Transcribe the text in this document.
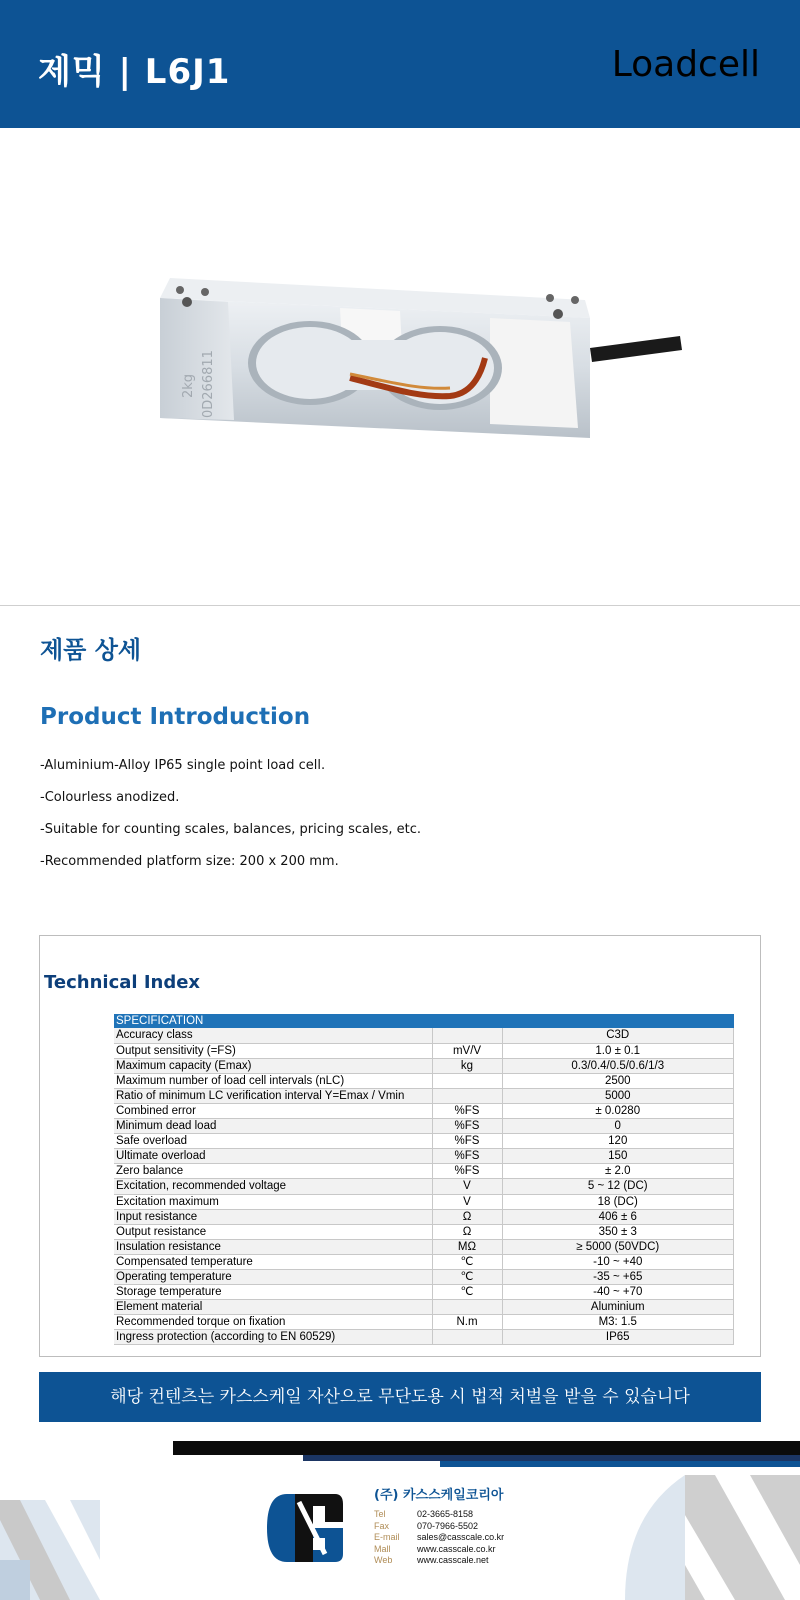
제믹 | L6J1	Loadcell
2kg 0D266811
제품 상세
Product Introduction
-Aluminium-Alloy IP65 single point load cell.
-Colourless anodized.
-Suitable for counting scales, balances, pricing scales, etc.
-Recommended platform size: 200 x 200 mm.
Technical Index
SPECIFICATION		
Accuracy class		C3D
Output sensitivity (=FS)	mV/V	1.0 ± 0.1
Maximum capacity (Emax)	kg	0.3/0.4/0.5/0.6/1/3
Maximum number of load cell intervals (nLC)		2500
Ratio of minimum LC verification interval Y=Emax / Vmin		5000
Combined error	%FS	± 0.0280
Minimum dead load	%FS	0
Safe overload	%FS	120
Ultimate overload	%FS	150
Zero balance	%FS	± 2.0
Excitation, recommended voltage	V	5 ~ 12 (DC)
Excitation maximum	V	18 (DC)
Input resistance	Ω	406 ± 6
Output resistance	Ω	350 ± 3
Insulation resistance	MΩ	≥ 5000 (50VDC)
Compensated temperature	℃	-10 ~ +40
Operating temperature	℃	-35 ~ +65
Storage temperature	℃	-40 ~ +70
Element material		Aluminium
Recommended torque on fixation	N.m	M3: 1.5
Ingress protection (according to EN 60529)		IP65
해당 컨텐츠는 카스스케일 자산으로 무단도용 시 법적 처벌을 받을 수 있습니다
(주) 카스스케일코리아
Tel	02-3665-8158
Fax	070-7966-5502
E-mail	sales@casscale.co.kr
Mall	www.casscale.co.kr
Web	www.casscale.net
